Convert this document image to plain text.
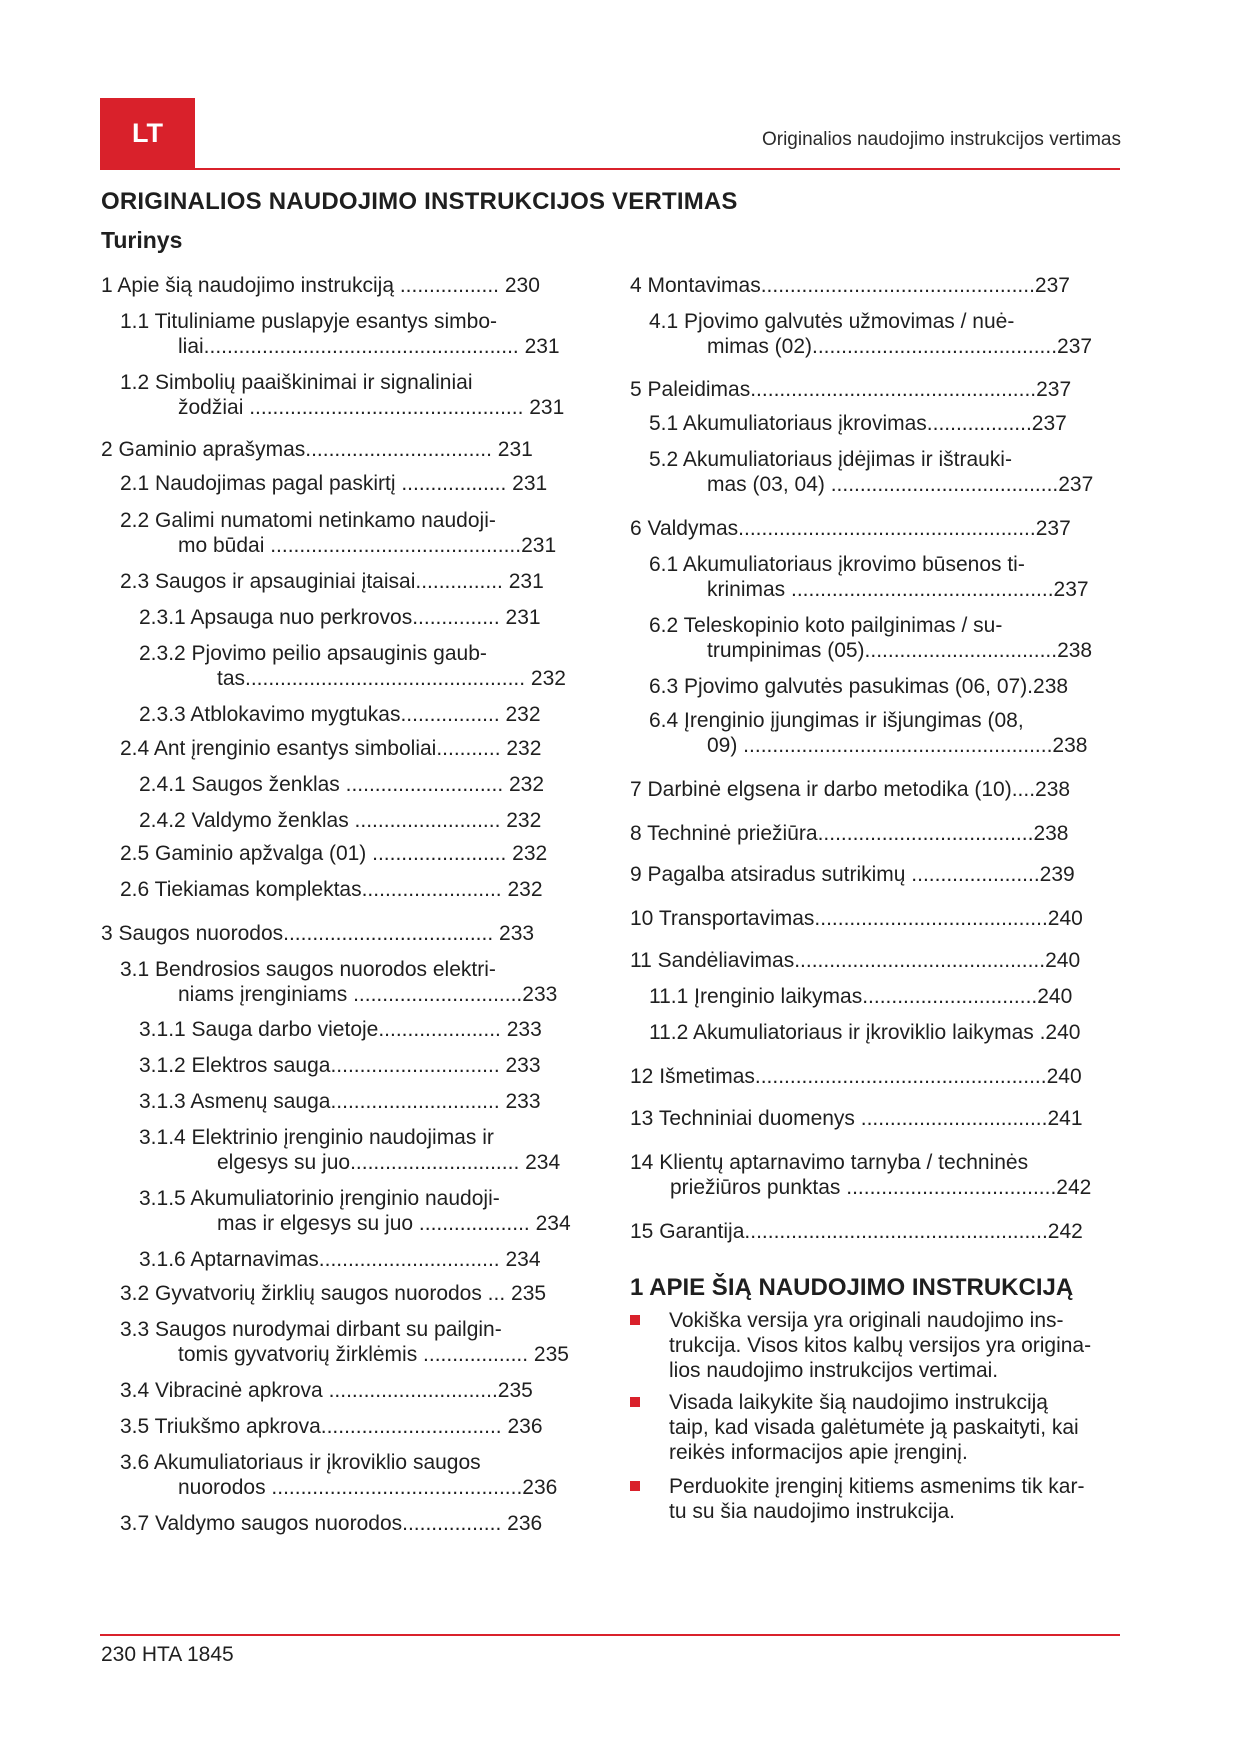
LT	Originalios naudojimo instrukcijos vertimas
ORIGINALIOS NAUDOJIMO INSTRUKCIJOS VERTIMAS
Turinys
1 Apie šią naudojimo instrukciją ................. 230
1.1 Tituliniame puslapyje esantys simbo-
liai...................................................... 231
1.2 Simbolių paaiškinimai ir signaliniai
žodžiai ............................................... 231
2 Gaminio aprašymas................................ 231
2.1 Naudojimas pagal paskirtį .................. 231
2.2 Galimi numatomi netinkamo naudoji-
mo būdai ...........................................231
2.3 Saugos ir apsauginiai įtaisai............... 231
2.3.1 Apsauga nuo perkrovos............... 231
2.3.2 Pjovimo peilio apsauginis gaub-
tas................................................ 232
2.3.3 Atblokavimo mygtukas................. 232
2.4 Ant įrenginio esantys simboliai........... 232
2.4.1 Saugos ženklas ........................... 232
2.4.2 Valdymo ženklas ......................... 232
2.5 Gaminio apžvalga (01) ....................... 232
2.6 Tiekiamas komplektas........................ 232
3 Saugos nuorodos.................................... 233
3.1 Bendrosios saugos nuorodos elektri-
niams įrenginiams .............................233
3.1.1 Sauga darbo vietoje..................... 233
3.1.2 Elektros sauga............................. 233
3.1.3 Asmenų sauga............................. 233
3.1.4 Elektrinio įrenginio naudojimas ir
elgesys su juo............................. 234
3.1.5 Akumuliatorinio įrenginio naudoji-
mas ir elgesys su juo ................... 234
3.1.6 Aptarnavimas............................... 234
3.2 Gyvatvorių žirklių saugos nuorodos ... 235
3.3 Saugos nurodymai dirbant su pailgin-
tomis gyvatvorių žirklėmis .................. 235
3.4 Vibracinė apkrova .............................235
3.5 Triukšmo apkrova............................... 236
3.6 Akumuliatoriaus ir įkroviklio saugos
nuorodos ...........................................236
3.7 Valdymo saugos nuorodos................. 236
4 Montavimas...............................................237
4.1 Pjovimo galvutės užmovimas / nuė-
mimas (02)..........................................237
5 Paleidimas.................................................237
5.1 Akumuliatoriaus įkrovimas..................237
5.2 Akumuliatoriaus įdėjimas ir ištrauki-
mas (03, 04) .......................................237
6 Valdymas...................................................237
6.1 Akumuliatoriaus įkrovimo būsenos ti-
krinimas .............................................237
6.2 Teleskopinio koto pailginimas / su-
trumpinimas (05).................................238
6.3 Pjovimo galvutės pasukimas (06, 07).238
6.4 Įrenginio įjungimas ir išjungimas (08,
09) .....................................................238
7 Darbinė elgsena ir darbo metodika (10)....238
8 Techninė priežiūra.....................................238
9 Pagalba atsiradus sutrikimų ......................239
10 Transportavimas........................................240
11 Sandėliavimas...........................................240
11.1 Įrenginio laikymas..............................240
11.2 Akumuliatoriaus ir įkroviklio laikymas .240
12 Išmetimas..................................................240
13 Techniniai duomenys ................................241
14 Klientų aptarnavimo tarnyba / techninės
priežiūros punktas ....................................242
15 Garantija....................................................242
1 APIE ŠIĄ NAUDOJIMO INSTRUKCIJĄ
Vokiška versija yra originali naudojimo ins-
trukcija. Visos kitos kalbų versijos yra origina-
lios naudojimo instrukcijos vertimai.
Visada laikykite šią naudojimo instrukciją
taip, kad visada galėtumėte ją paskaityti, kai
reikės informacijos apie įrenginį.
Perduokite įrenginį kitiems asmenims tik kar-
tu su šia naudojimo instrukcija.
230 HTA 1845
